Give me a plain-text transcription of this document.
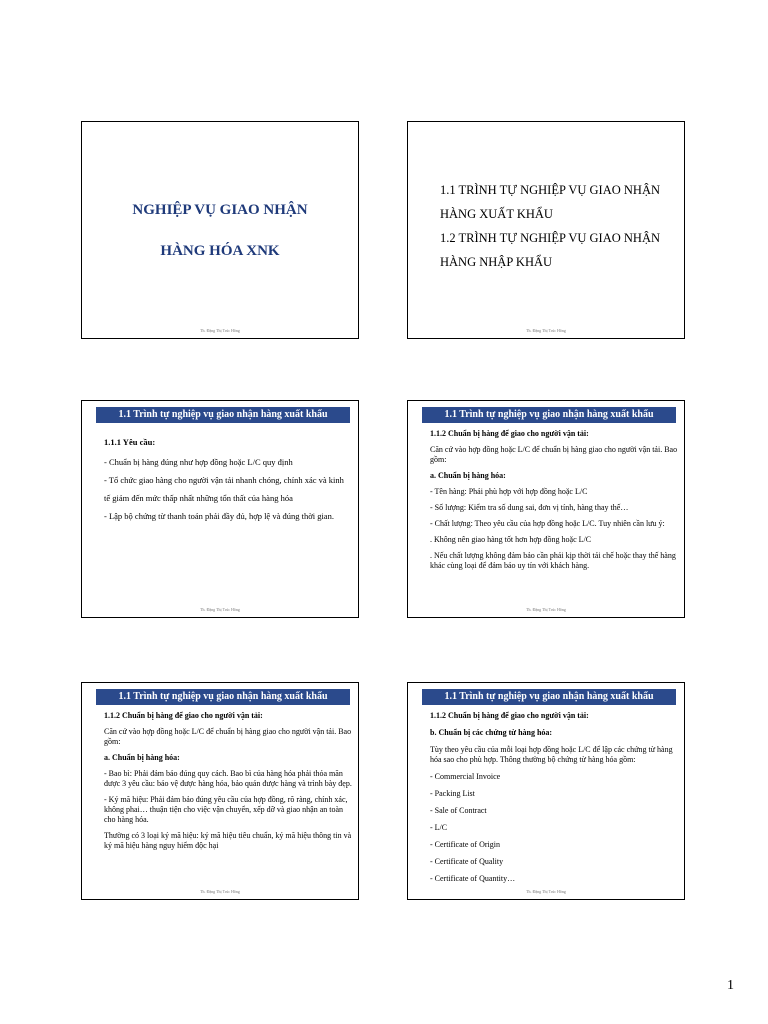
NGHIỆP VỤ GIAO NHẬN
HÀNG HÓA XNK
Th. Đặng Thị Trúc Hồng
1.1 TRÌNH TỰ NGHIỆP VỤ GIAO NHẬN
HÀNG XUẤT KHẨU
1.2 TRÌNH TỰ NGHIỆP VỤ GIAO NHẬN
HÀNG NHẬP KHẨU
Th. Đặng Thị Trúc Hồng
1.1 Trình tự nghiệp vụ giao nhận hàng xuất khẩu

1.1.1 Yêu cầu:

- Chuẩn bị hàng đúng như hợp đồng hoặc L/C quy định

- Tổ chức giao hàng cho người vận tải nhanh chóng, chính xác và kinh tế giảm đến mức thấp nhất những tổn thất của hàng hóa

- Lập bộ chứng từ thanh toán phải đầy đủ, hợp lệ và đúng thời gian.

Th. Đặng Thị Trúc Hồng
1.1 Trình tự nghiệp vụ giao nhận hàng xuất khẩu

1.1.2 Chuẩn bị hàng để giao cho người vận tải:

Căn cứ vào hợp đồng hoặc L/C để chuẩn bị hàng giao cho người vận tải. Bao gồm:

a. Chuẩn bị hàng hóa:

- Tên hàng: Phải phù hợp với hợp đồng hoặc L/C

- Số lượng: Kiểm tra số dung sai, đơn vị tính, hàng thay thế…

- Chất lượng: Theo yêu cầu của hợp đồng hoặc L/C. Tuy nhiên cần lưu ý:

. Không nên giao hàng tốt hơn hợp đồng hoặc L/C

. Nếu chất lượng không đảm bảo cần phải kịp thời tái chế hoặc thay thế hàng khác cùng loại để đảm bảo uy tín với khách hàng.

Th. Đặng Thị Trúc Hồng
1.1 Trình tự nghiệp vụ giao nhận hàng xuất khẩu

1.1.2 Chuẩn bị hàng để giao cho người vận tải:

Căn cứ vào hợp đồng hoặc L/C để chuẩn bị hàng giao cho người vận tải. Bao gồm:

a. Chuẩn bị hàng hóa:

- Bao bì: Phải đảm bảo đúng quy cách. Bao bì của hàng hóa phải thỏa mãn được 3 yêu cầu: bảo vệ được hàng hóa, bảo quản được hàng và trình bày đẹp.

- Ký mã hiệu: Phải đảm bảo đúng yêu cầu của hợp đồng, rõ ràng, chính xác, không phai… thuận tiện cho việc vận chuyển, xếp dỡ và giao nhận an toàn cho hàng hóa.

Thường có 3 loại ký mã hiệu: ký mã hiệu tiêu chuẩn, ký mã hiệu thông tin và ký mã hiệu hàng nguy hiểm độc hại

Th. Đặng Thị Trúc Hồng
1.1 Trình tự nghiệp vụ giao nhận hàng xuất khẩu

1.1.2 Chuẩn bị hàng để giao cho người vận tải:

b. Chuẩn bị các chứng từ hàng hóa:

Tùy theo yêu cầu của mỗi loại hợp đồng hoặc L/C để lập các chứng từ hàng hóa sao cho phù hợp. Thông thường bộ chứng từ hàng hóa gồm:

- Commercial Invoice

- Packing List

- Sale of Contract

- L/C

- Certificate of Origin

- Certificate of Quality

- Certificate of Quantity…

Th. Đặng Thị Trúc Hồng
1
